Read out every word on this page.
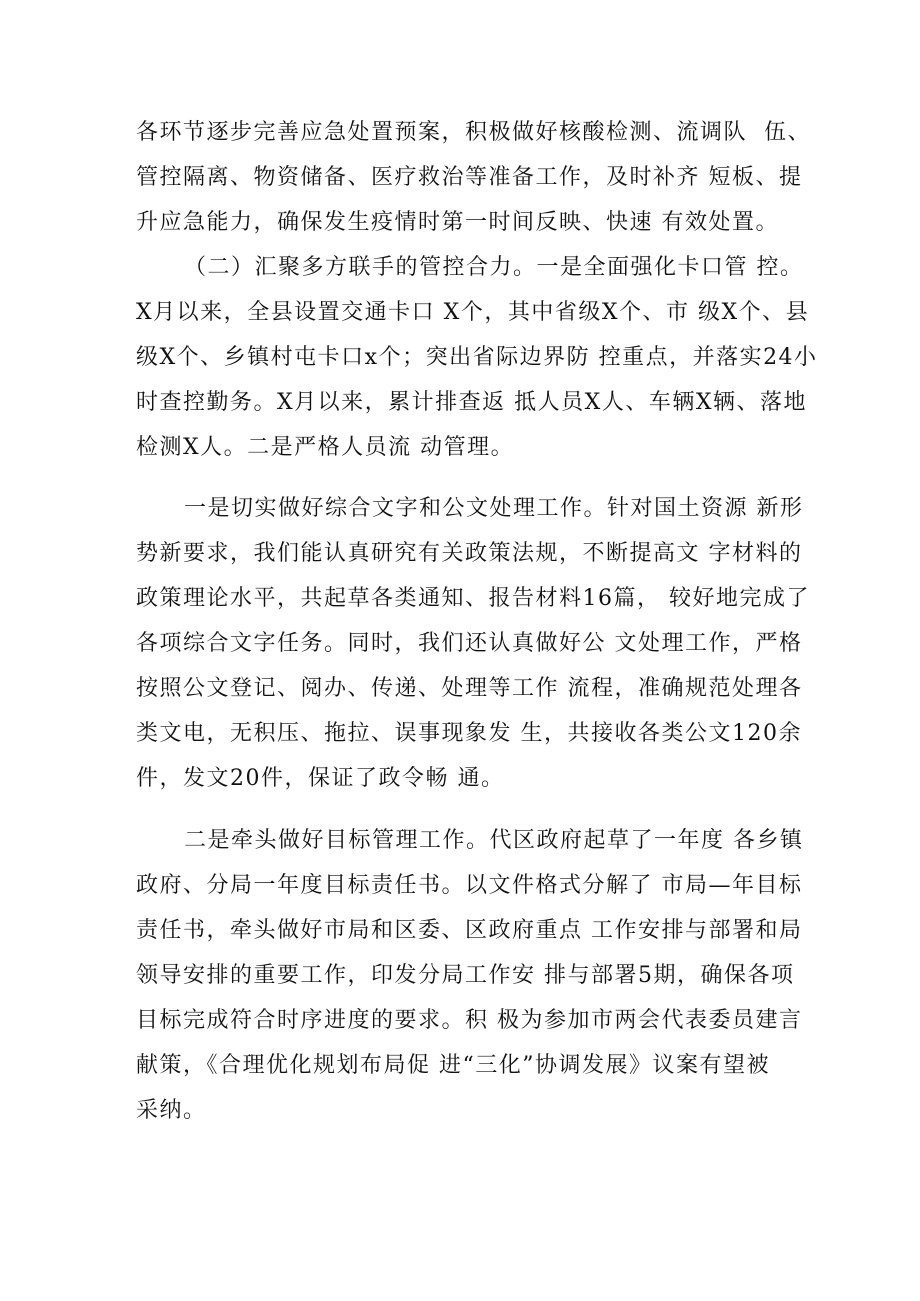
各环节逐步完善应急处置预案，积极做好核酸检测、流调队  伍、
管控隔离、物资储备、医疗救治等准备工作，及时补齐 短板、提
升应急能力，确保发生疫情时第一时间反映、快速 有效处置。
（二）汇聚多方联手的管控合力。一是全面强化卡口管 控。
X月以来，全县设置交通卡口 X个，其中省级X个、市 级X个、县
级X个、乡镇村屯卡口x个；突出省际边界防 控重点，并落实24小
时查控勤务。X月以来，累计排查返 抵人员X人、车辆X辆、落地
检测X人。二是严格人员流 动管理。
一是切实做好综合文字和公文处理工作。针对国土资源 新形
势新要求，我们能认真研究有关政策法规，不断提高文 字材料的
政策理论水平，共起草各类通知、报告材料16篇， 较好地完成了
各项综合文字任务。同时，我们还认真做好公 文处理工作，严格
按照公文登记、阅办、传递、处理等工作 流程，准确规范处理各
类文电，无积压、拖拉、误事现象发 生，共接收各类公文120余
件，发文20件，保证了政令畅 通。
二是牵头做好目标管理工作。代区政府起草了一年度 各乡镇
政府、分局一年度目标责任书。以文件格式分解了 市局—年目标
责任书，牵头做好市局和区委、区政府重点 工作安排与部署和局
领导安排的重要工作，印发分局工作安 排与部署5期，确保各项
目标完成符合时序进度的要求。积 极为参加市两会代表委员建言
献策，《合理优化规划布局促 进“三化”协调发展》议案有望被
采纳。
